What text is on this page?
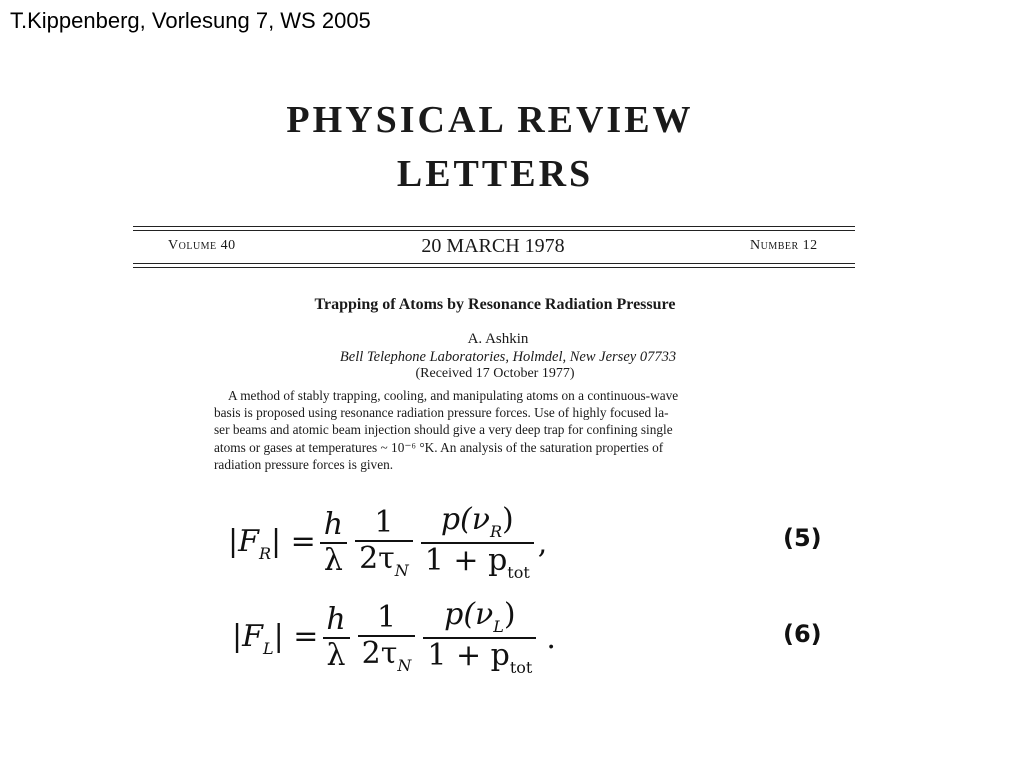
T.Kippenberg, Vorlesung 7, WS 2005
PHYSICAL REVIEW
LETTERS
Volume 40	20 MARCH 1978	Number 12
Trapping of Atoms by Resonance Radiation Pressure
A. Ashkin
Bell Telephone Laboratories, Holmdel, New Jersey 07733
(Received 17 October 1977)
A method of stably trapping, cooling, and manipulating atoms on a continuous-wave
basis is proposed using resonance radiation pressure forces. Use of highly focused la-
ser beams and atomic beam injection should give a very deep trap for confining single
atoms or gases at temperatures ~ 10⁻⁶ °K. An analysis of the saturation properties of
radiation pressure forces is given.
$|F_R| = \frac{h}{\lambda} \frac{1}{2\tau_N} \frac{p(\nu_R)}{1 + p_{tot}}$ ,	(5)
$|F_L| = \frac{h}{\lambda} \frac{1}{2\tau_N} \frac{p(\nu_L)}{1 + p_{tot}}$ .	(6)
